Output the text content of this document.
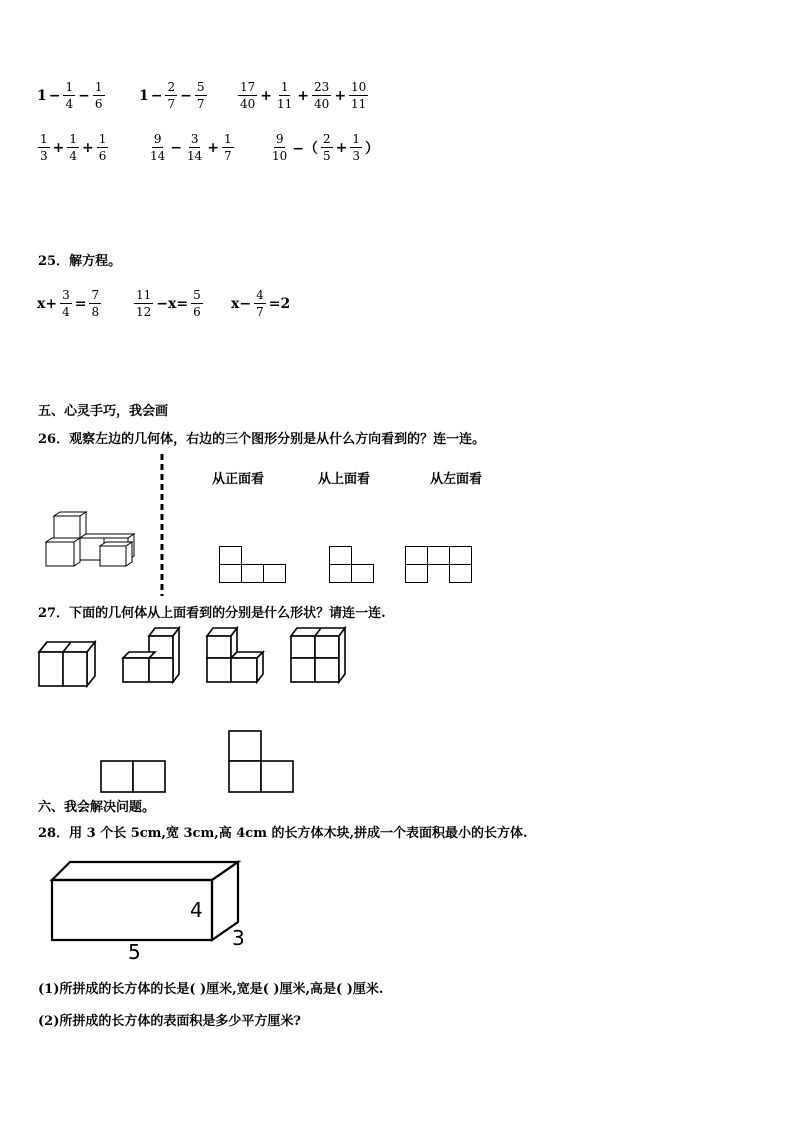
$1 - \frac{1}{4} - \frac{1}{6} 1 - \frac{2}{7} - \frac{5}{7}$	$\frac{17}{40} + \frac{1}{11} + \frac{23}{40} + \frac{10}{11}$
$\frac{1}{3} + \frac{1}{4} + \frac{1}{6}$	$\frac{9}{14} - \frac{3}{14} + \frac{1}{7}$	$\frac{9}{10}$ −（ $\frac{2}{5} + \frac{1}{3}$ ）
25．解方程。
$x+ \frac{3}{4} = \frac{7}{8}$	$\frac{11}{12} -x= \frac{5}{6} x- \frac{4}{7} =2$
五、心灵手巧，我会画
26．观察左边的几何体，右边的三个图形分别是从什么方向看到的？连一连。
从正面看	从上面看	从左面看
27．下面的几何体从上面看到的分别是什么形状？请连一连.
六、我会解决问题。
28．用 3 个长 5cm,宽 3cm,高 4cm 的长方体木块,拼成一个表面积最小的长方体.
4
5
3
(1)所拼成的长方体的长是( )厘米,宽是( )厘米,高是( )厘米.
(2)所拼成的长方体的表面积是多少平方厘米?
